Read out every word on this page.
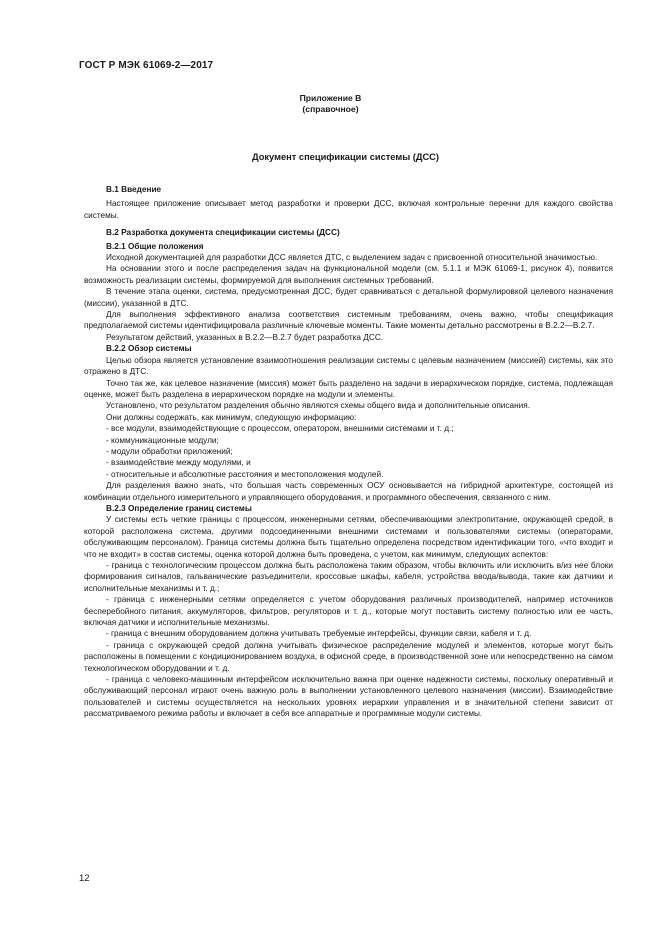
ГОСТ Р МЭК 61069-2—2017
Приложение В
(справочное)
Документ спецификации системы (ДСС)

В.1 Введение

Настоящее приложение описывает метод разработки и проверки ДСС, включая контрольные перечни для каждого свойства системы.

В.2 Разработка документа спецификации системы (ДСС)

В.2.1 Общие положения

Исходной документацией для разработки ДСС является ДТС, с выделением задач с присвоенной относительной значимостью.

На основании этого и после распределения задач на функциональной модели (см. 5.1.1 и МЭК 61069-1, рисунок 4), появится возможность реализации системы, формируемой для выполнения системных требований.

В течение этапа оценки, система, предусмотренная ДСС, будет сравниваться с детальной формулировкой целевого назначения (миссии), указанной в ДТС.

Для выполнения эффективного анализа соответствия системным требованиям, очень важно, чтобы спецификация предполагаемой системы идентифицировала различные ключевые моменты. Такие моменты детально рассмотрены в В.2.2—В.2.7.

Результатом действий, указанных в В.2.2—В.2.7 будет разработка ДСС.

В.2.2 Обзор системы

Целью обзора является установление взаимоотношения реализации системы с целевым назначением (миссией) системы, как это отражено в ДТС.

Точно так же, как целевое назначение (миссия) может быть разделено на задачи в иерархическом порядке, система, подлежащая оценке, может быть разделена в иерархическом порядке на модули и элементы.

Установлено, что результатом разделения обычно являются схемы общего вида и дополнительные описания.

Они должны содержать, как минимум, следующую информацию:

- все модули, взаимодействующие с процессом, оператором, внешними системами и т. д.;

- коммуникационные модули;

- модули обработки приложений;

- взаимодействие между модулями, и

- относительные и абсолютные расстояния и местоположения модулей.

Для разделения важно знать, что большая часть современных ОСУ основывается на гибридной архитектуре, состоящей из комбинации отдельного измерительного и управляющего оборудования, и программного обеспечения, связанного с ним.

В.2.3 Определение границ системы

У системы есть четкие границы с процессом, инженерными сетями, обеспечивающими электропитание, окружающей средой, в которой расположена система, другими подсоединенными внешними системами и пользователями системы (операторами, обслуживающим персоналом). Граница системы должна быть тщательно определена посредством идентификации того, «что входит и что не входит» в состав системы, оценка которой должна быть проведена, с учетом, как минимум, следующих аспектов:

- граница с технологическим процессом должна быть расположена таким образом, чтобы включить или исключить в/из нее блоки формирования сигналов, гальванические разъединители, кроссовые шкафы, кабеля, устройства ввода/вывода, такие как датчики и исполнительные механизмы и т. д.;

- граница с инженерными сетями определяется с учетом оборудования различных производителей, например источников бесперебойного питания, аккумуляторов, фильтров, регуляторов и т. д., которые могут поставить систему полностью или ее часть, включая датчики и исполнительные механизмы.

- граница с внешним оборудованием должна учитывать требуемые интерфейсы, функции связи, кабеля и т. д.

- граница с окружающей средой должна учитывать физическое распределение модулей и элементов, которые могут быть расположены в помещении с кондиционированием воздуха, в офисной среде, в производственной зоне или непосредственно на самом технологическом оборудовании и т. д.

- граница с человеко-машинным интерфейсом исключительно важна при оценке надежности системы, поскольку оперативный и обслуживающий персонал играют очень важную роль в выполнении установленного целевого назначения (миссии). Взаимодействие пользователей и системы осуществляется на нескольких уровнях иерархии управления и в значительной степени зависит от рассматриваемого режима работы и включает в себя все аппаратные и программные модули системы.

12
